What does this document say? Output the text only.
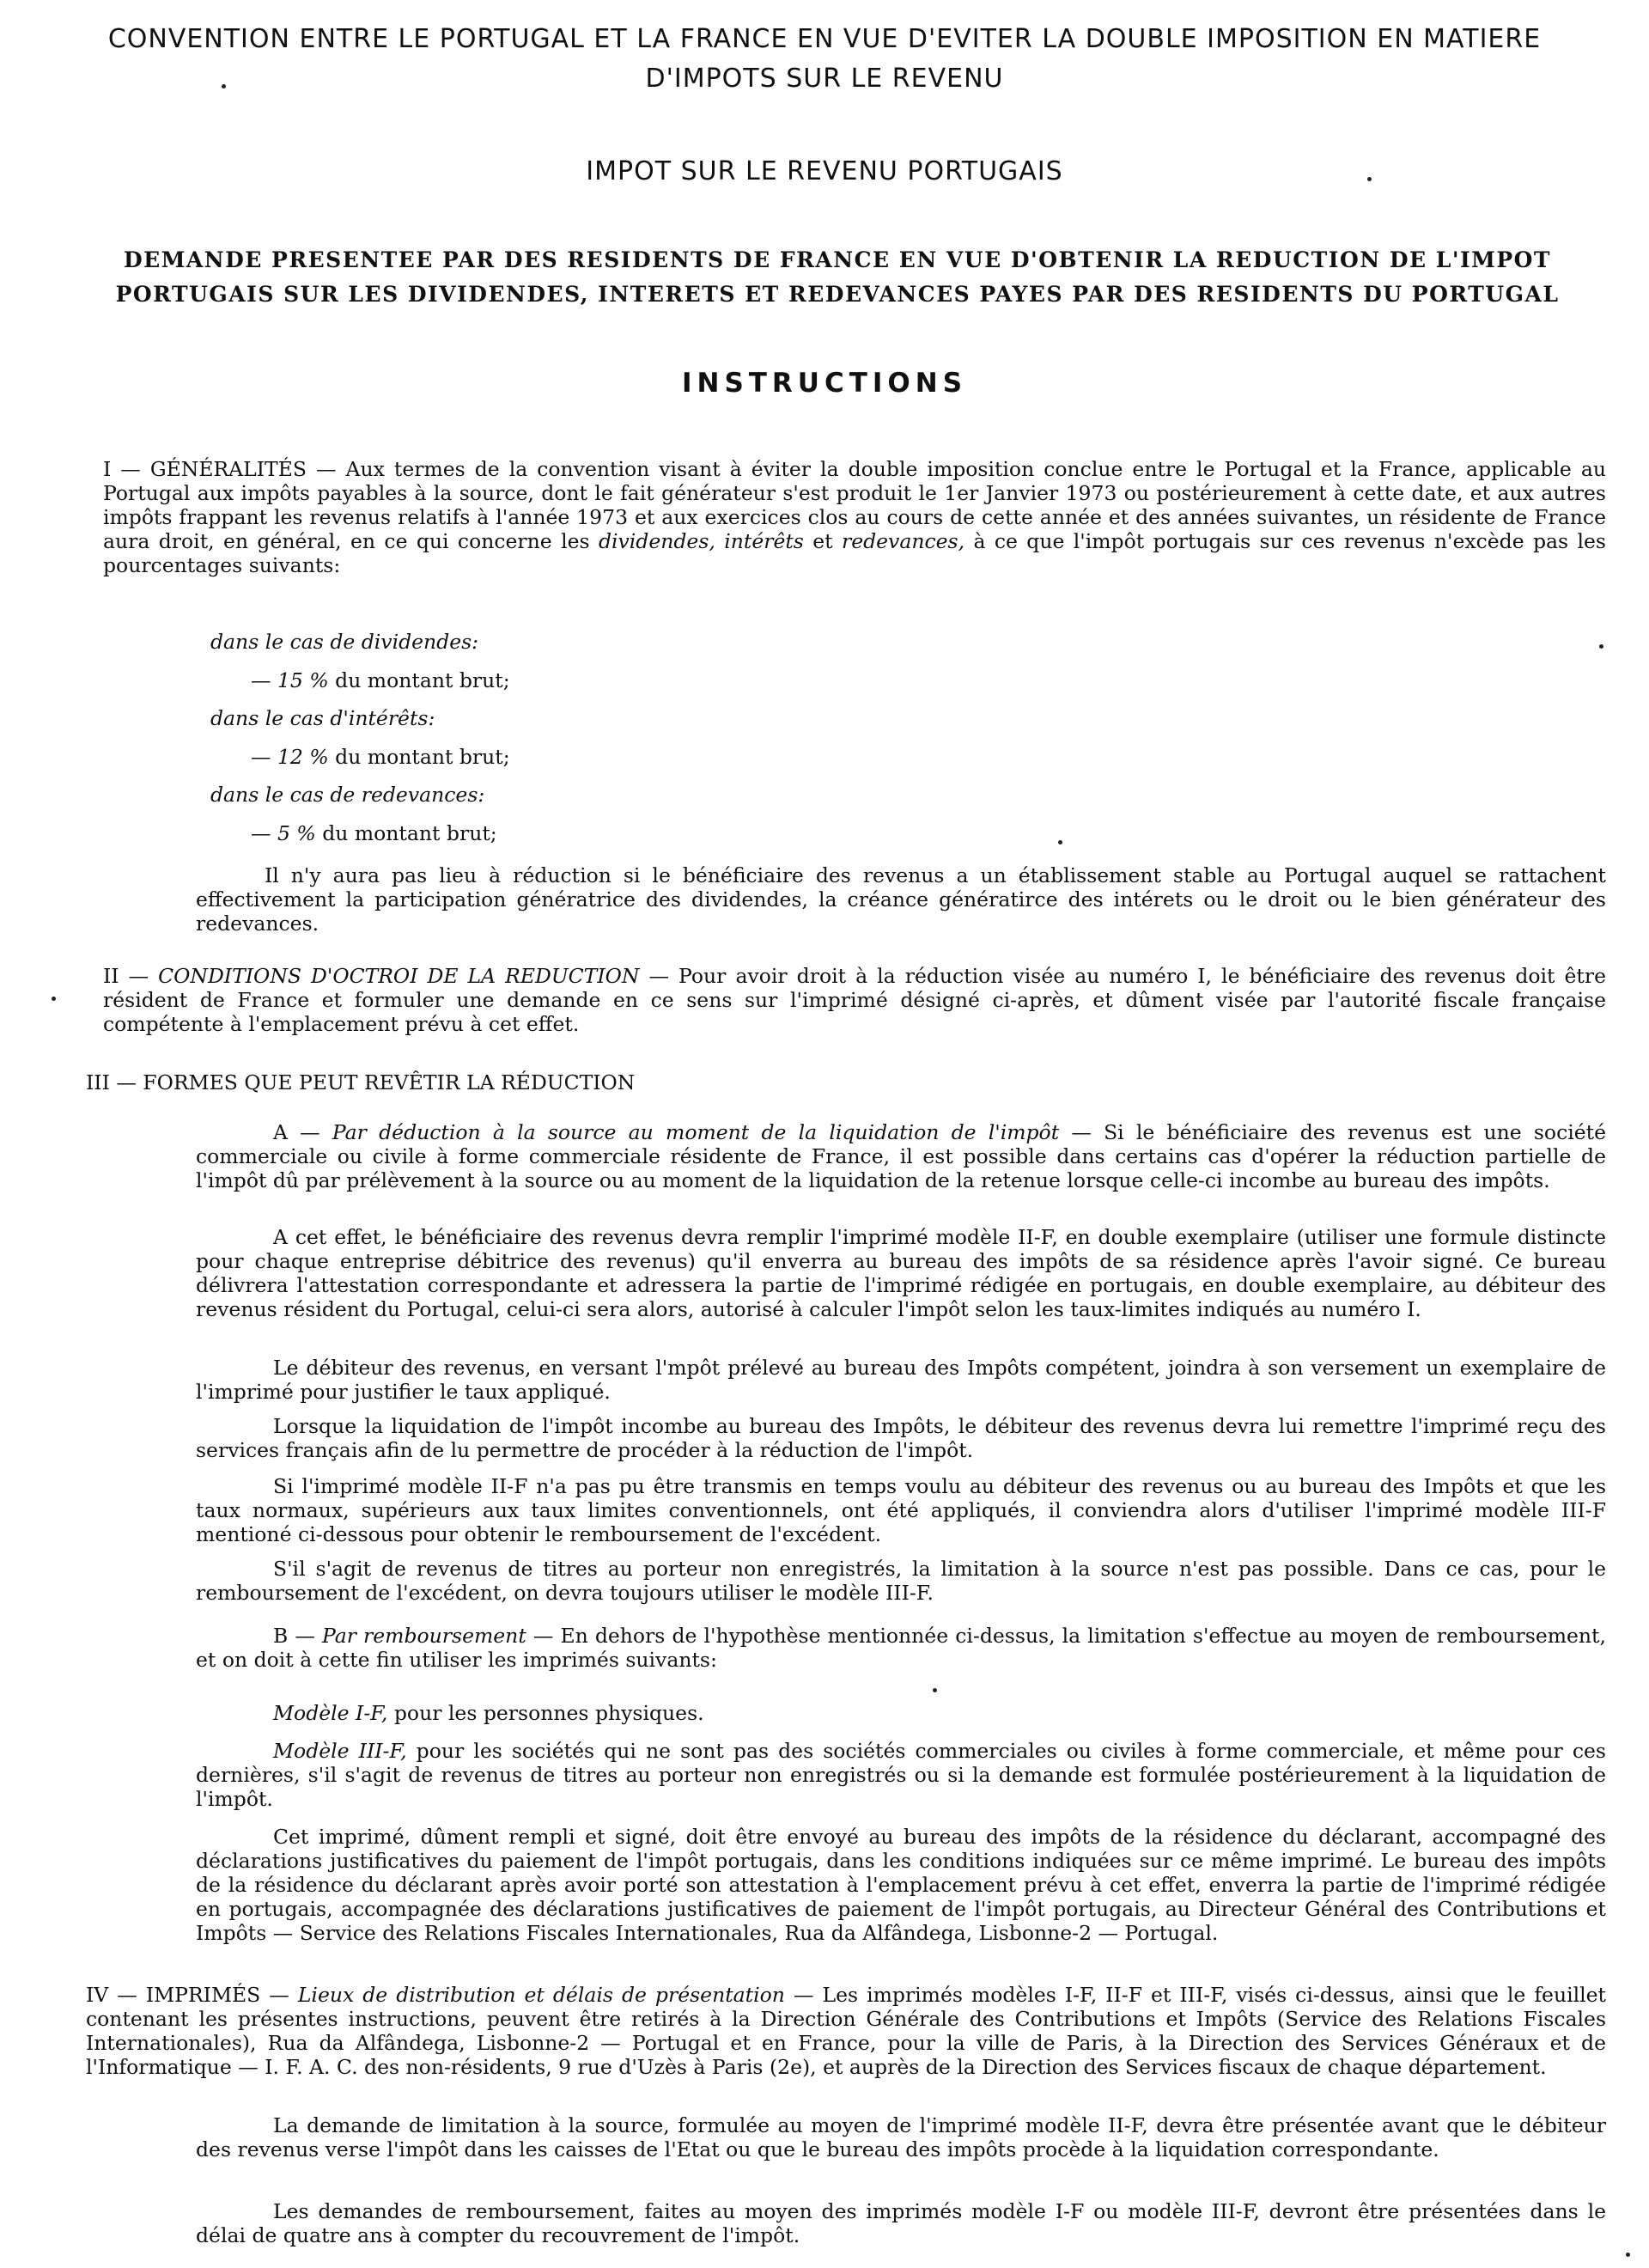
CONVENTION ENTRE LE PORTUGAL ET LA FRANCE EN VUE D'EVITER LA DOUBLE IMPOSITION EN MATIERE
D'IMPOTS SUR LE REVENU
IMPOT SUR LE REVENU PORTUGAIS
DEMANDE PRESENTEE PAR DES RESIDENTS DE FRANCE EN VUE D'OBTENIR LA REDUCTION DE L'IMPOT
PORTUGAIS SUR LES DIVIDENDES, INTERETS ET REDEVANCES PAYES PAR DES RESIDENTS DU PORTUGAL
INSTRUCTIONS

I — GÉNÉRALITÉS — Aux termes de la convention visant à éviter la double imposition conclue entre le Portugal et la France, applicable au Portugal aux impôts payables à la source, dont le fait générateur s'est produit le 1er Janvier 1973 ou postérieurement à cette date, et aux autres impôts frappant les revenus relatifs à l'année 1973 et aux exercices clos au cours de cette année et des années suivantes, un résidente de France aura droit, en général, en ce qui concerne les dividendes, intérêts et redevances, à ce que l'impôt portugais sur ces revenus n'excède pas les pourcentages suivants:

dans le cas de dividendes:

— 15 % du montant brut;

dans le cas d'intérêts:

— 12 % du montant brut;

dans le cas de redevances:

— 5 % du montant brut;

Il n'y aura pas lieu à réduction si le bénéficiaire des revenus a un établissement stable au Portugal auquel se rattachent effectivement la participation génératrice des dividendes, la créance génératirce des intérets ou le droit ou le bien générateur des redevances.

II — CONDITIONS D'OCTROI DE LA REDUCTION — Pour avoir droit à la réduction visée au numéro I, le bénéficiaire des revenus doit être résident de France et formuler une demande en ce sens sur l'imprimé désigné ci-après, et dûment visée par l'autorité fiscale française compétente à l'emplacement prévu à cet effet.

III — FORMES QUE PEUT REVÊTIR LA RÉDUCTION

A — Par déduction à la source au moment de la liquidation de l'impôt — Si le bénéficiaire des revenus est une société commerciale ou civile à forme commerciale résidente de France, il est possible dans certains cas d'opérer la réduction partielle de l'impôt dû par prélèvement à la source ou au moment de la liquidation de la retenue lorsque celle-ci incombe au bureau des impôts.

A cet effet, le bénéficiaire des revenus devra remplir l'imprimé modèle II-F, en double exemplaire (utiliser une formule distincte pour chaque entreprise débitrice des revenus) qu'il enverra au bureau des impôts de sa résidence après l'avoir signé. Ce bureau délivrera l'attestation correspondante et adressera la partie de l'imprimé rédigée en portugais, en double exemplaire, au débiteur des revenus résident du Portugal, celui-ci sera alors, autorisé à calculer l'impôt selon les taux-limites indiqués au numéro I.

Le débiteur des revenus, en versant l'mpôt prélevé au bureau des Impôts compétent, joindra à son versement un exemplaire de l'imprimé pour justifier le taux appliqué.

Lorsque la liquidation de l'impôt incombe au bureau des Impôts, le débiteur des revenus devra lui remettre l'imprimé reçu des services français afin de lu permettre de procéder à la réduction de l'impôt.

Si l'imprimé modèle II-F n'a pas pu être transmis en temps voulu au débiteur des revenus ou au bureau des Impôts et que les taux normaux, supérieurs aux taux limites conventionnels, ont été appliqués, il conviendra alors d'utiliser l'imprimé modèle III-F mentioné ci-dessous pour obtenir le remboursement de l'excédent.

S'il s'agit de revenus de titres au porteur non enregistrés, la limitation à la source n'est pas possible. Dans ce cas, pour le remboursement de l'excédent, on devra toujours utiliser le modèle III-F.

B — Par remboursement — En dehors de l'hypothèse mentionnée ci-dessus, la limitation s'effectue au moyen de remboursement, et on doit à cette fin utiliser les imprimés suivants:

Modèle I-F, pour les personnes physiques.

Modèle III-F, pour les sociétés qui ne sont pas des sociétés commerciales ou civiles à forme commerciale, et même pour ces dernières, s'il s'agit de revenus de titres au porteur non enregistrés ou si la demande est formulée postérieurement à la liquidation de l'impôt.

Cet imprimé, dûment rempli et signé, doit être envoyé au bureau des impôts de la résidence du déclarant, accompagné des déclarations justificatives du paiement de l'impôt portugais, dans les conditions indiquées sur ce même imprimé. Le bureau des impôts de la résidence du déclarant après avoir porté son attestation à l'emplacement prévu à cet effet, enverra la partie de l'imprimé rédigée en portugais, accompagnée des déclarations justificatives de paiement de l'impôt portugais, au Directeur Général des Contributions et Impôts — Service des Relations Fiscales Internationales, Rua da Alfândega, Lisbonne-2 — Portugal.

IV — IMPRIMÉS — Lieux de distribution et délais de présentation — Les imprimés modèles I-F, II-F et III-F, visés ci-dessus, ainsi que le feuillet contenant les présentes instructions, peuvent être retirés à la Direction Générale des Contributions et Impôts (Service des Relations Fiscales Internationales), Rua da Alfândega, Lisbonne-2 — Portugal et en France, pour la ville de Paris, à la Direction des Services Généraux et de l'Informatique — I. F. A. C. des non-résidents, 9 rue d'Uzès à Paris (2e), et auprès de la Direction des Services fiscaux de chaque département.

La demande de limitation à la source, formulée au moyen de l'imprimé modèle II-F, devra être présentée avant que le débiteur des revenus verse l'impôt dans les caisses de l'Etat ou que le bureau des impôts procède à la liquidation correspondante.

Les demandes de remboursement, faites au moyen des imprimés modèle I-F ou modèle III-F, devront être présentées dans le délai de quatre ans à compter du recouvrement de l'impôt.
